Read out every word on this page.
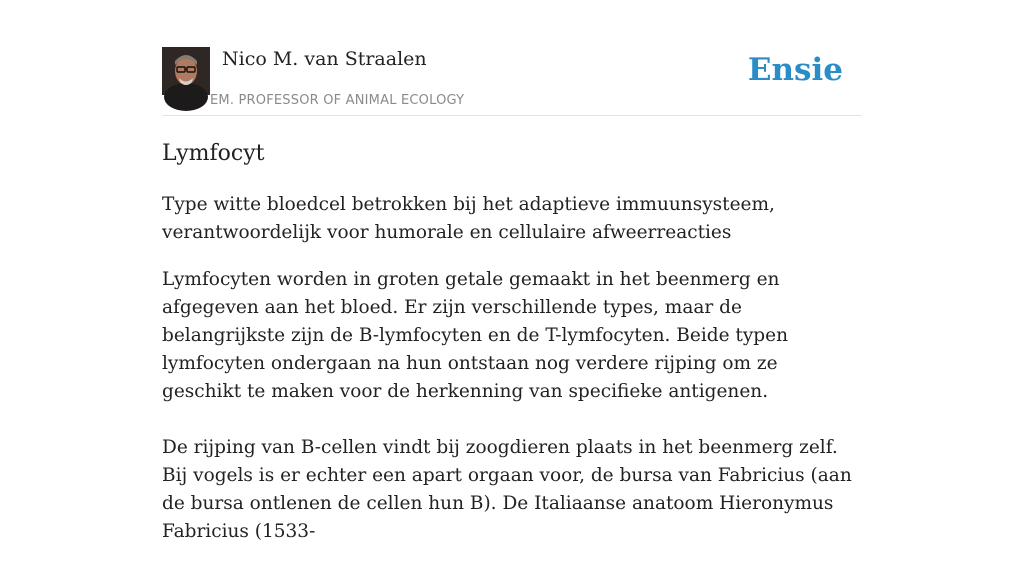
Nico M. van Straalen
EM. PROFESSOR OF ANIMAL ECOLOGY
Ensie
Lymfocyt

Type witte bloedcel betrokken bij het adaptieve immuunsysteem, verantwoordelijk voor humorale en cellulaire afweerreacties

Lymfocyten worden in groten getale gemaakt in het beenmerg en afgegeven aan het bloed. Er zijn verschillende types, maar de belangrijkste zijn de B-lymfocyten en de T-lymfocyten. Beide typen lymfocyten ondergaan na hun ontstaan nog verdere rijping om ze geschikt te maken voor de herkenning van specifieke antigenen.

De rijping van B-cellen vindt bij zoogdieren plaats in het beenmerg zelf. Bij vogels is er echter een apart orgaan voor, de bursa van Fabricius (aan de bursa ontlenen de cellen hun B). De Italiaanse anatoom Hieronymus Fabricius (1533-
